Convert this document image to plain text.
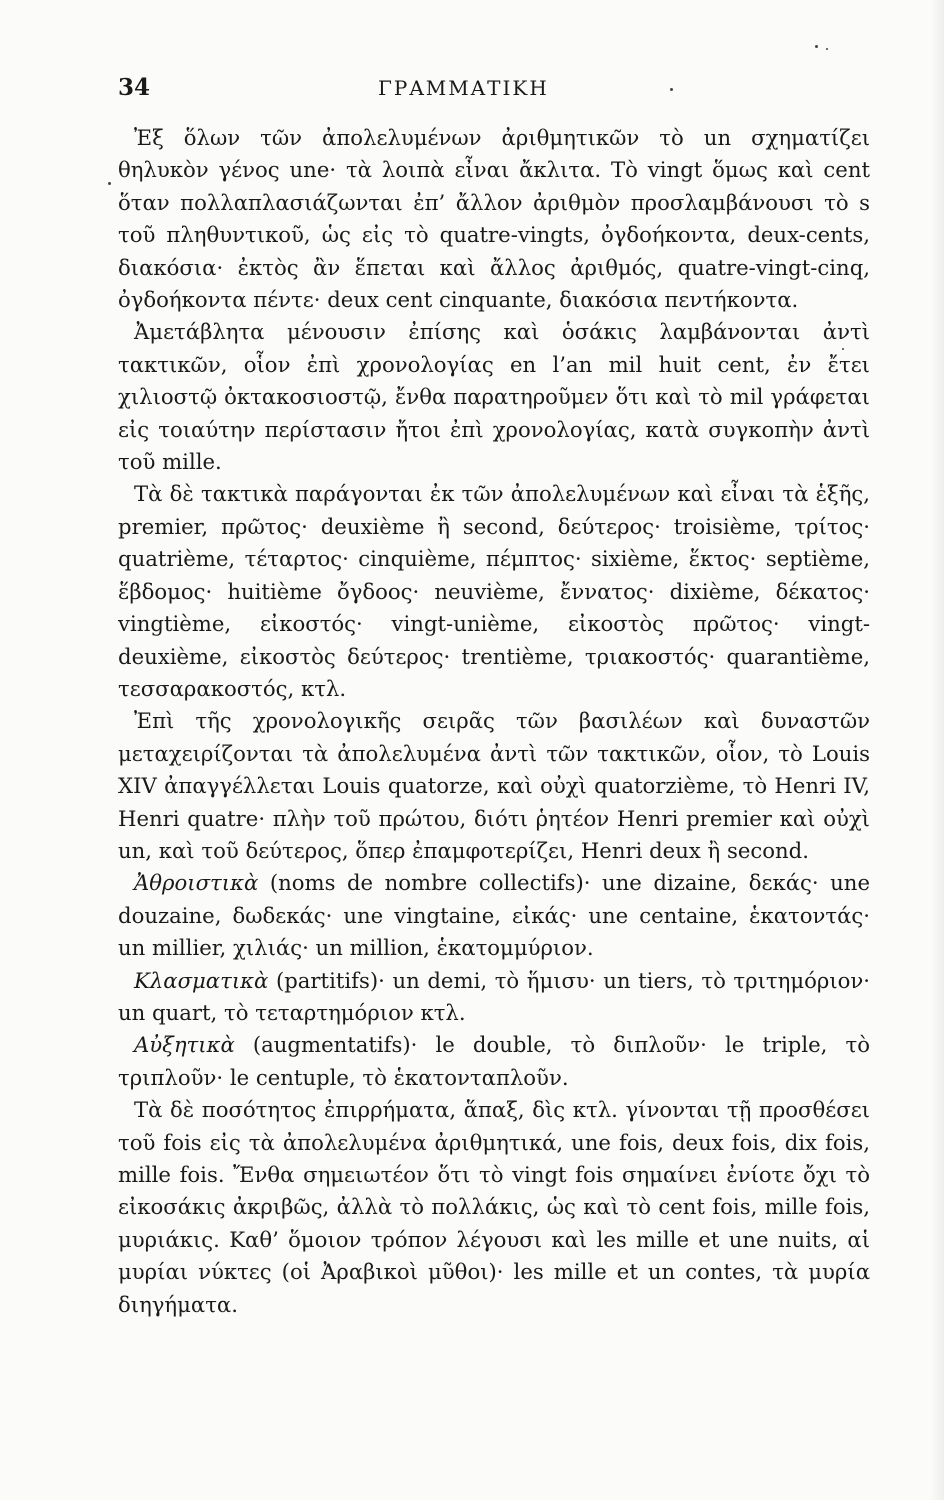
34	ΓΡΑΜΜΑΤΙΚΗ

Ἐξ ὅλων τῶν ἀπολελυμένων ἀριθμητικῶν τὸ un σχηματίζει θηλυκὸν γένος une· τὰ λοιπὰ εἶναι ἄκλιτα. Τὸ vingt ὅμως καὶ cent ὅταν πολλαπλασιάζωνται ἐπ’ ἄλλον ἀριθμὸν προσλαμβάνουσι τὸ s τοῦ πληθυντικοῦ, ὡς εἰς τὸ quatre-vingts, ὀγδοήκοντα, deux-cents, διακόσια· ἐκτὸς ἂν ἕπεται καὶ ἄλλος ἀριθμός, quatre-vingt-cinq, ὀγδοήκοντα πέντε· deux cent cinquante, διακόσια πεντήκοντα.

Ἀμετάβλητα μένουσιν ἐπίσης καὶ ὁσάκις λαμβάνονται ἀντὶ τακτικῶν, οἷον ἐπὶ χρονολογίας en l’an mil huit cent, ἐν ἔτει χιλιοστῷ ὀκτακοσιοστῷ, ἔνθα παρατηροῦμεν ὅτι καὶ τὸ mil γράφεται εἰς τοιαύτην περίστασιν ἤτοι ἐπὶ χρονολογίας, κατὰ συγκοπὴν ἀντὶ τοῦ mille.

Τὰ δὲ τακτικὰ παράγονται ἐκ τῶν ἀπολελυμένων καὶ εἶναι τὰ ἑξῆς, premier, πρῶτος· deuxième ἢ second, δεύτερος· troisième, τρίτος· quatrième, τέταρτος· cinquième, πέμπτος· sixième, ἕκτος· septième, ἕβδομος· huitième ὄγδοος· neuvième, ἔννατος· dixième, δέκατος· vingtième, εἰκοστός· vingt-unième, εἰκοστὸς πρῶτος· vingt-deuxième, εἰκοστὸς δεύτερος· trentième, τριακοστός· quarantième, τεσσαρακοστός, κτλ.

Ἐπὶ τῆς χρονολογικῆς σειρᾶς τῶν βασιλέων καὶ δυναστῶν μεταχειρίζονται τὰ ἀπολελυμένα ἀντὶ τῶν τακτικῶν, οἷον, τὸ Louis XIV ἀπαγγέλλεται Louis quatorze, καὶ οὐχὶ quatorzième, τὸ Henri IV, Henri quatre· πλὴν τοῦ πρώτου, διότι ῥητέον Henri premier καὶ οὐχὶ un, καὶ τοῦ δεύτερος, ὅπερ ἐπαμφοτερίζει, Henri deux ἢ second.

Ἀθροιστικὰ (noms de nombre collectifs)· une dizaine, δεκάς· une douzaine, δωδεκάς· une vingtaine, εἰκάς· une centaine, ἑκατοντάς· un millier, χιλιάς· un million, ἑκατομμύριον.

Κλασματικὰ (partitifs)· un demi, τὸ ἥμισυ· un tiers, τὸ τριτημόριον· un quart, τὸ τεταρτημόριον κτλ.

Αὐξητικὰ (augmentatifs)· le double, τὸ διπλοῦν· le triple, τὸ τριπλοῦν· le centuple, τὸ ἑκατονταπλοῦν.

Τὰ δὲ ποσότητος ἐπιρρήματα, ἅπαξ, δὶς κτλ. γίνονται τῇ προσθέσει τοῦ fois εἰς τὰ ἀπολελυμένα ἀριθμητικά, une fois, deux fois, dix fois, mille fois. Ἔνθα σημειωτέον ὅτι τὸ vingt fois σημαίνει ἐνίοτε ὄχι τὸ εἰκοσάκις ἀκριβῶς, ἀλλὰ τὸ πολλάκις, ὡς καὶ τὸ cent fois, mille fois, μυριάκις. Καθ’ ὅμοιον τρόπον λέγουσι καὶ les mille et une nuits, αἱ μυρίαι νύκτες (οἱ Ἀραβικοὶ μῦθοι)· les mille et un contes, τὰ μυρία διηγήματα.
